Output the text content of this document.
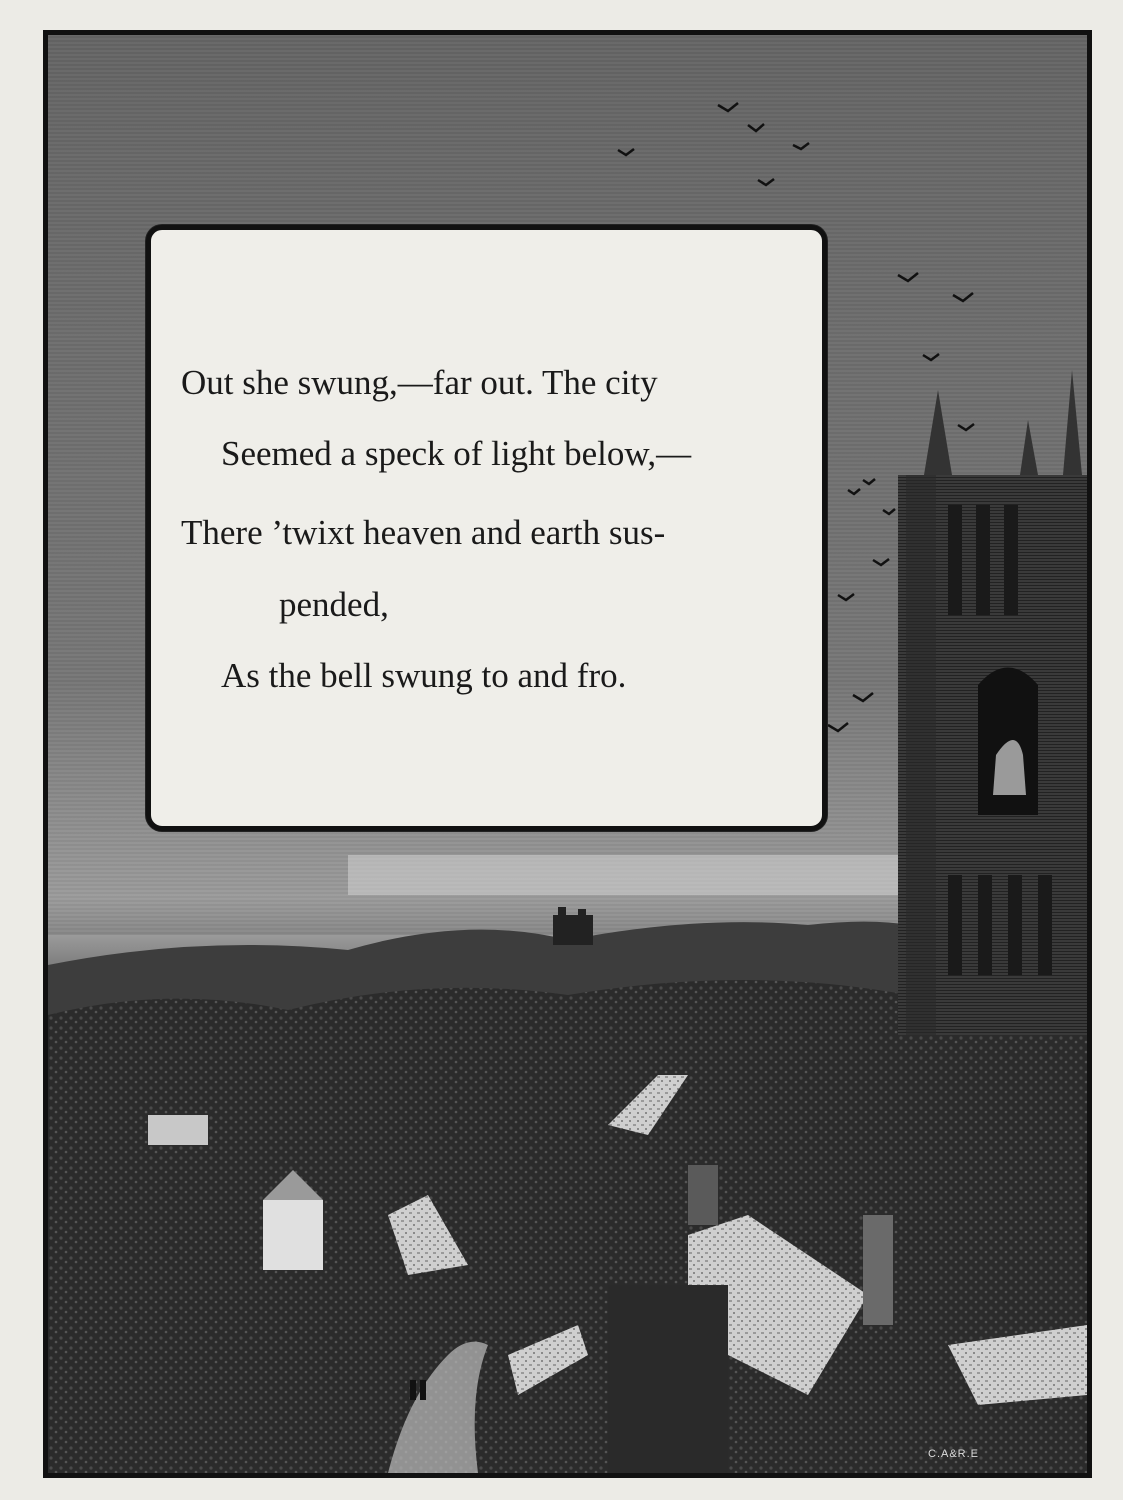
Out she swung,—far out. The city
Seemed a speck of light below,—
There ’twixt heaven and earth sus-
pended,
As the bell swung to and fro.
C.A&R.E
